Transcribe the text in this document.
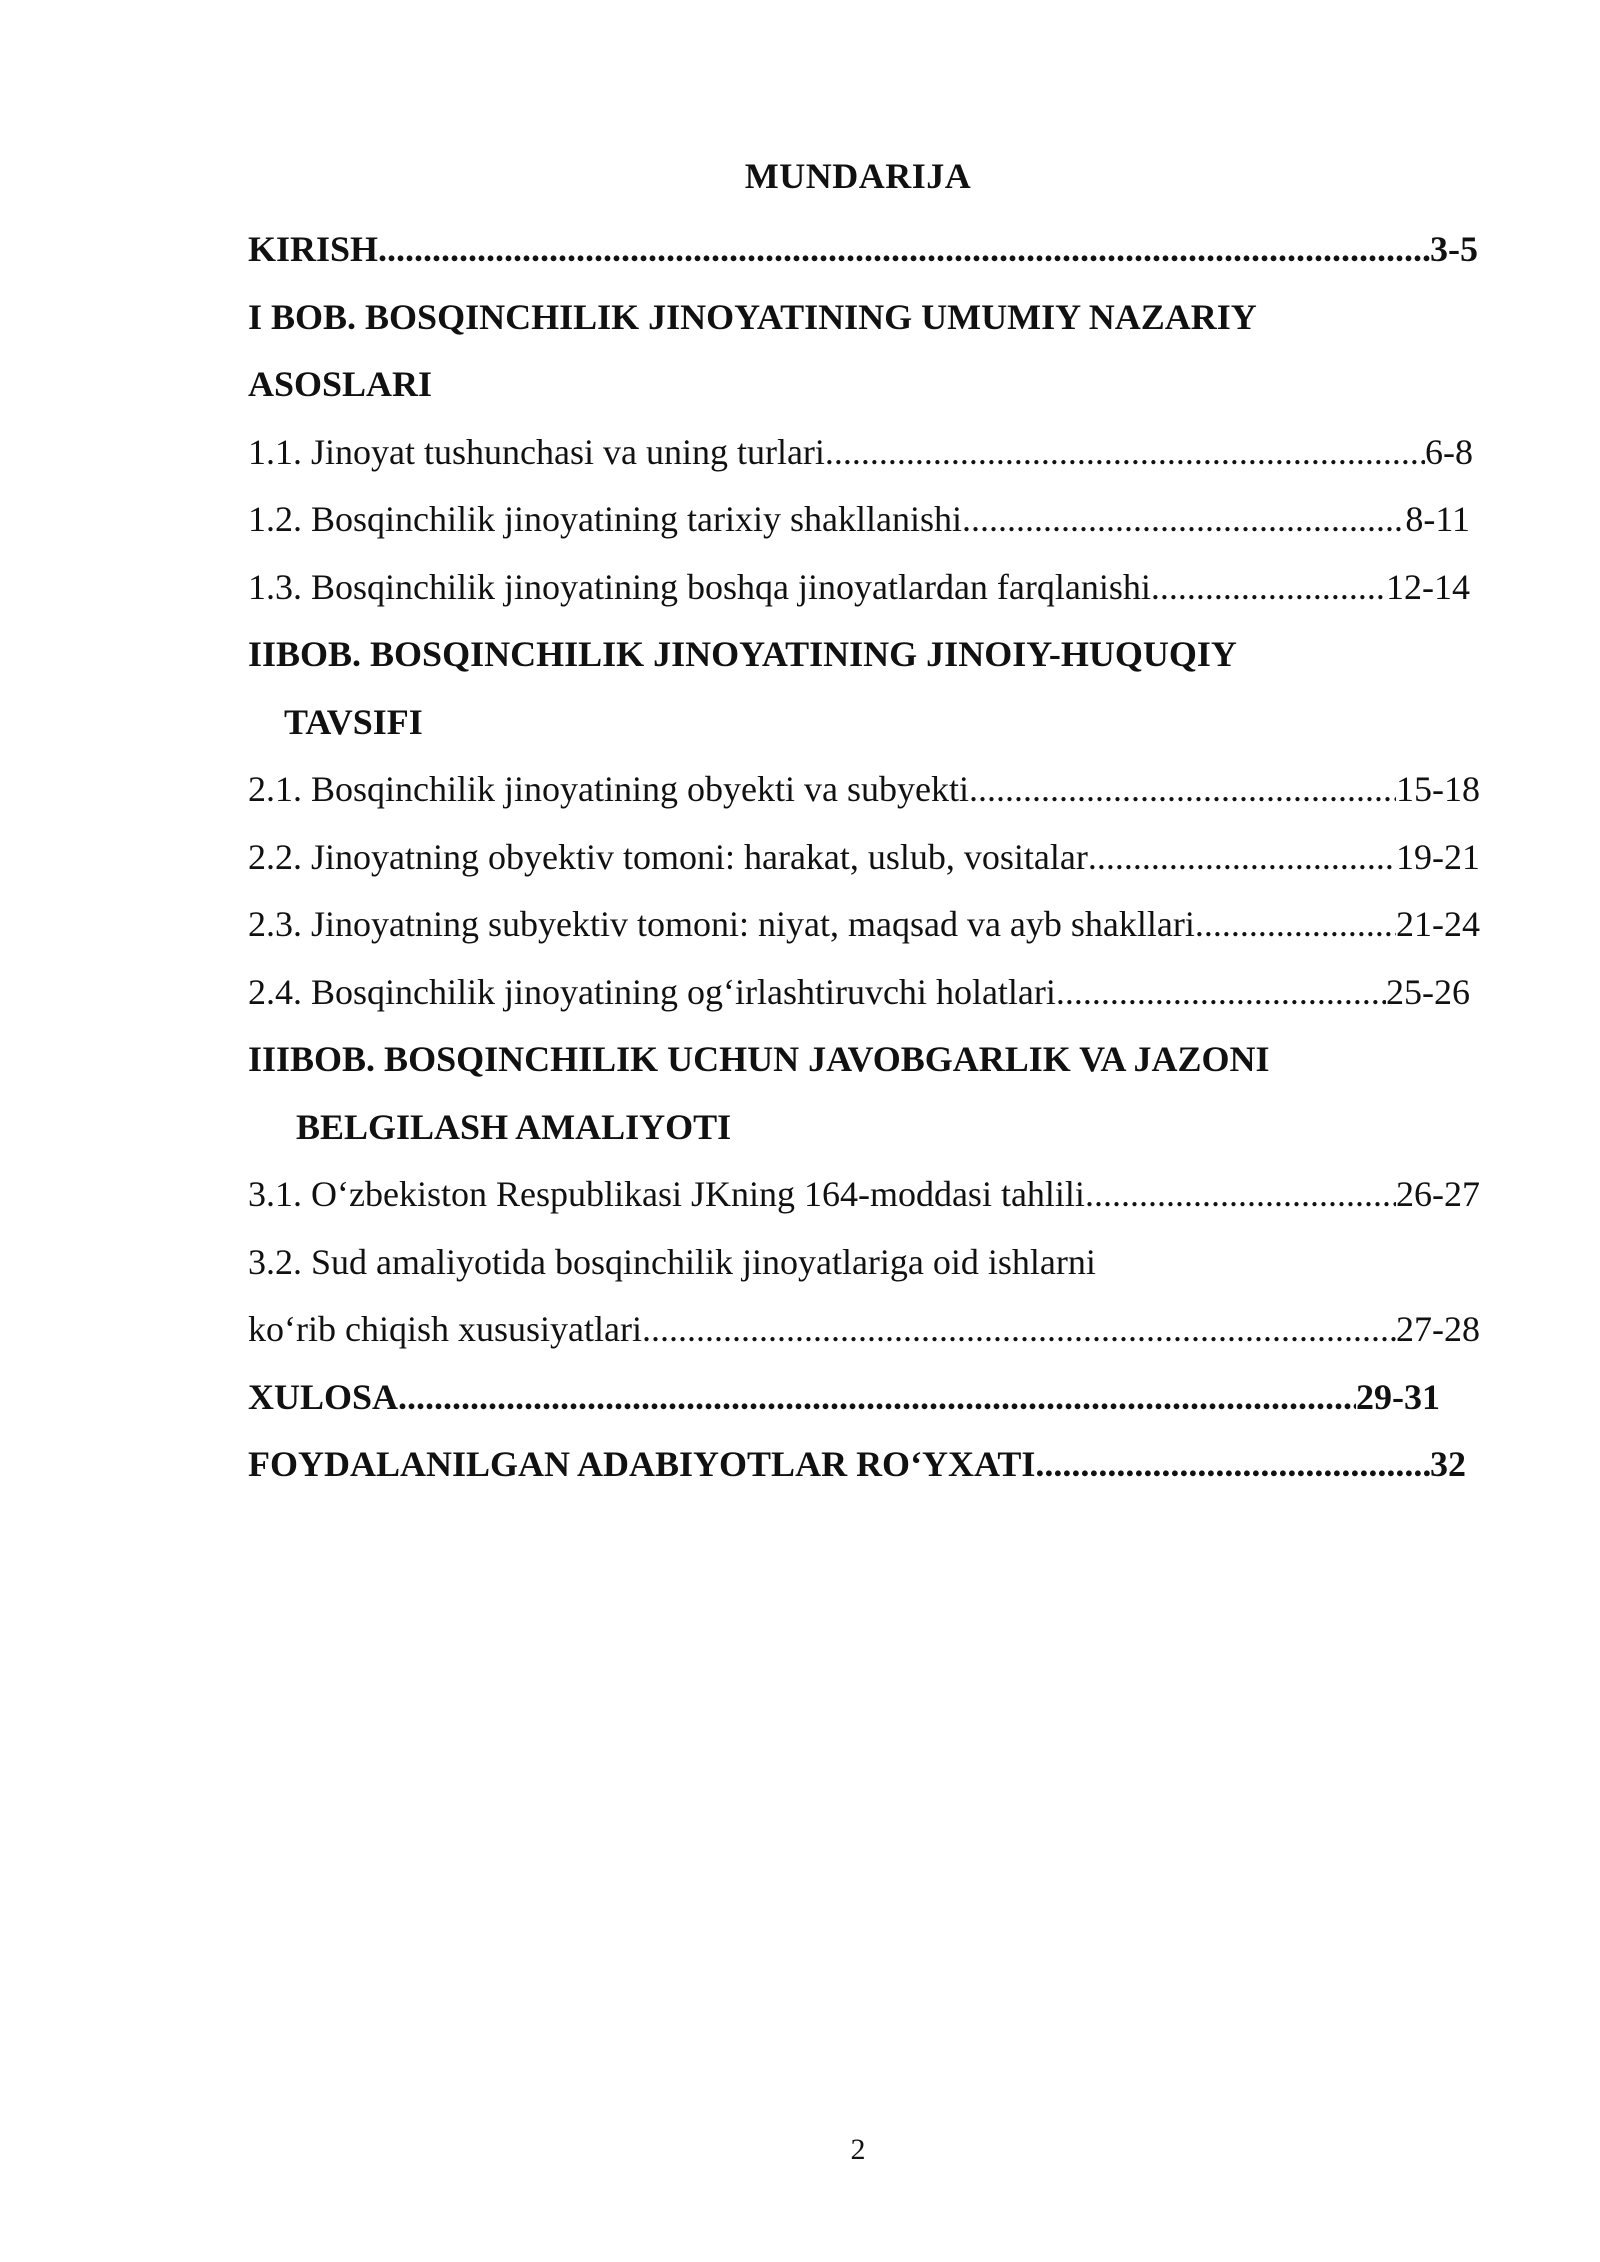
MUNDARIJA
KIRISH .....	3-5
I BOB. BOSQINCHILIK JINOYATINING UMUMIY NAZARIY
ASOSLARI
1.1. Jinoyat tushunchasi va uning turlari .....	6-8
1.2. Bosqinchilik jinoyatining tarixiy shakllanishi .....	8-11
1.3. Bosqinchilik jinoyatining boshqa jinoyatlardan farqlanishi .....	12-14
IIBOB. BOSQINCHILIK JINOYATINING JINOIY-HUQUQIY
TAVSIFI
2.1. Bosqinchilik jinoyatining obyekti va subyekti .....	15-18
2.2. Jinoyatning obyektiv tomoni: harakat, uslub, vositalar .....	19-21
2.3. Jinoyatning subyektiv tomoni: niyat, maqsad va ayb shakllari .....	21-24
2.4. Bosqinchilik jinoyatining og‘irlashtiruvchi holatlari .....	25-26
IIIBOB. BOSQINCHILIK UCHUN JAVOBGARLIK VA JAZONI
BELGILASH AMALIYOTI
3.1. O‘zbekiston Respublikasi JKning 164-moddasi tahlili .....	26-27
3.2. Sud amaliyotida bosqinchilik jinoyatlariga oid ishlarni
ko‘rib chiqish xususiyatlari .....	27-28
XULOSA .....	29-31
FOYDALANILGAN ADABIYOTLAR RO‘YXATI .....	32
2
